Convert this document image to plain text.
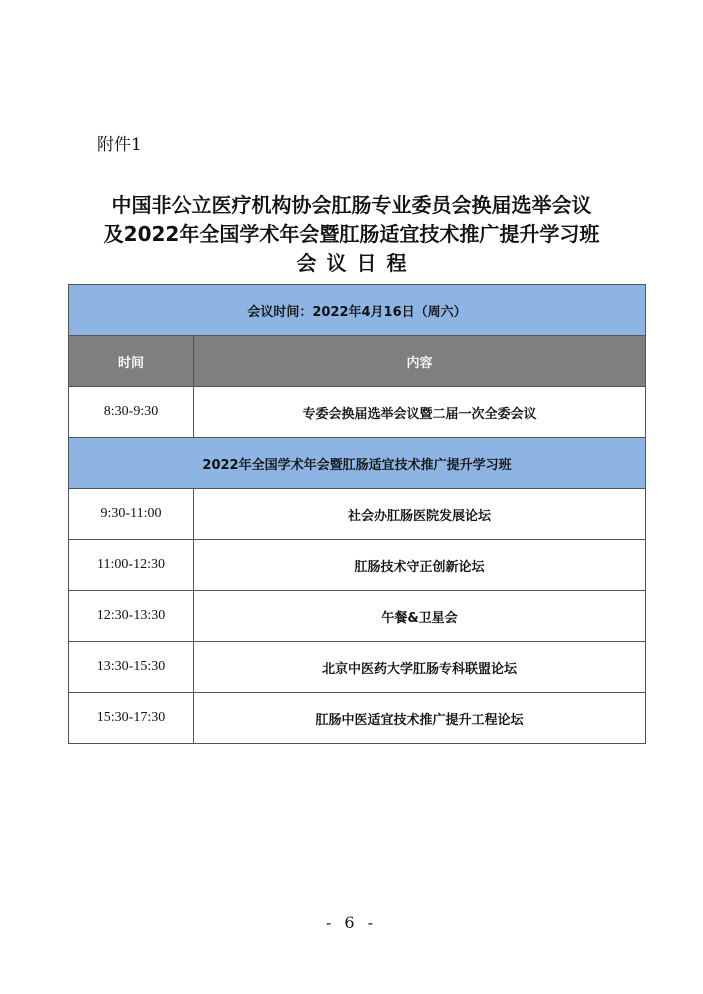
附件1
中国非公立医疗机构协会肛肠专业委员会换届选举会议
及2022年全国学术年会暨肛肠适宜技术推广提升学习班
会议日程
会议时间：2022年4月16日（周六）	
时间	内容
8:30-9:30	专委会换届选举会议暨二届一次全委会议
2022年全国学术年会暨肛肠适宜技术推广提升学习班	
9:30-11:00	社会办肛肠医院发展论坛
11:00-12:30	肛肠技术守正创新论坛
12:30-13:30	午餐&卫星会
13:30-15:30	北京中医药大学肛肠专科联盟论坛
15:30-17:30	肛肠中医适宜技术推广提升工程论坛
- 6 -
